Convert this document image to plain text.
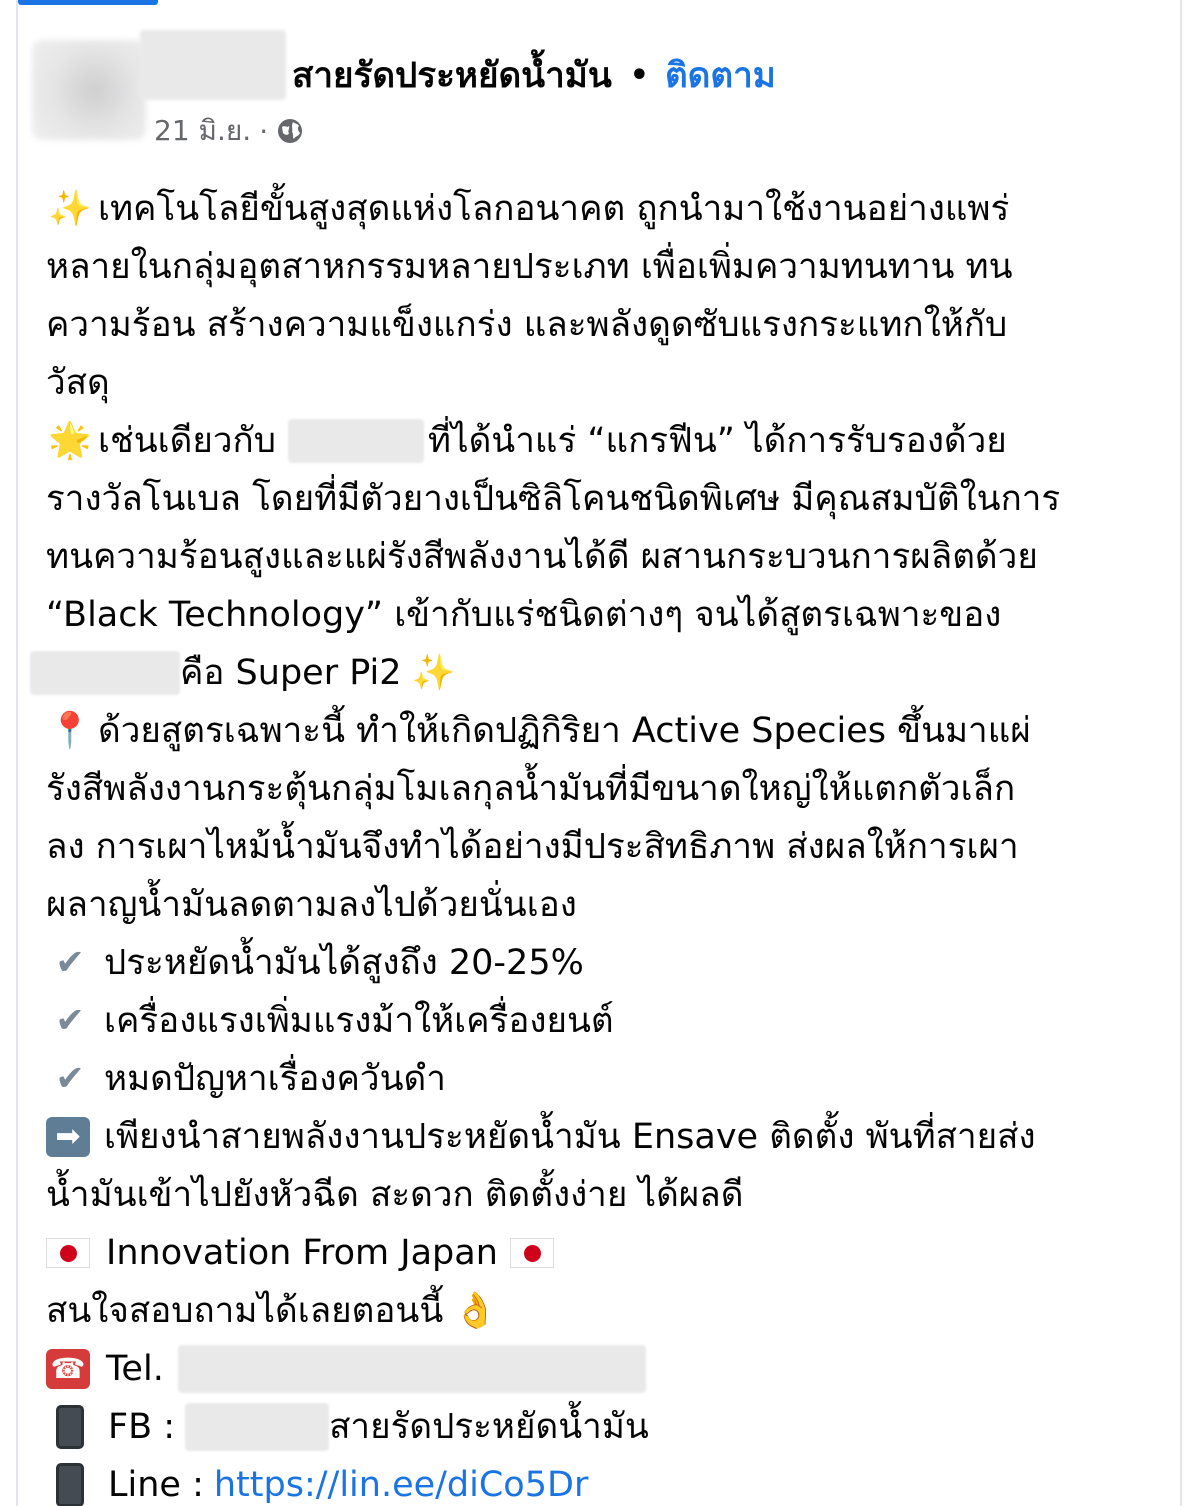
สายรัดประหยัดน้ำมัน • ติดตาม
21 มิ.ย. ·
✨ เทคโนโลยีขั้นสูงสุดแห่งโลกอนาคต ถูกนำมาใช้งานอย่างแพร่
หลายในกลุ่มอุตสาหกรรมหลายประเภท เพื่อเพิ่มความทนทาน ทน
ความร้อน สร้างความแข็งแกร่ง และพลังดูดซับแรงกระแทกให้กับ
วัสดุ
🌟 เช่นเดียวกับ	ที่ได้นำแร่ “แกรฟีน” ได้การรับรองด้วย
รางวัลโนเบล โดยที่มีตัวยางเป็นซิลิโคนชนิดพิเศษ มีคุณสมบัติในการ
ทนความร้อนสูงและแผ่รังสีพลังงานได้ดี ผสานกระบวนการผลิตด้วย
“Black Technology” เข้ากับแร่ชนิดต่างๆ จนได้สูตรเฉพาะของ
คือ Super Pi2 ✨
📍 ด้วยสูตรเฉพาะนี้ ทำให้เกิดปฏิกิริยา Active Species ขึ้นมาแผ่
รังสีพลังงานกระตุ้นกลุ่มโมเลกุลน้ำมันที่มีขนาดใหญ่ให้แตกตัวเล็ก
ลง การเผาไหม้น้ำมันจึงทำได้อย่างมีประสิทธิภาพ ส่งผลให้การเผา
ผลาญน้ำมันลดตามลงไปด้วยนั่นเอง
✔ ประหยัดน้ำมันได้สูงถึง 20-25%
✔ เครื่องแรงเพิ่มแรงม้าให้เครื่องยนต์
✔ หมดปัญหาเรื่องควันดำ
➡ เพียงนำสายพลังงานประหยัดน้ำมัน Ensave ติดตั้ง พันที่สายส่ง
น้ำมันเข้าไปยังหัวฉีด สะดวก ติดตั้งง่าย ได้ผลดี
Innovation From Japan
สนใจสอบถามได้เลยตอนนี้ 👌
☎ Tel.
FB :	สายรัดประหยัดน้ำมัน
Line : https://lin.ee/diCo5Dr
